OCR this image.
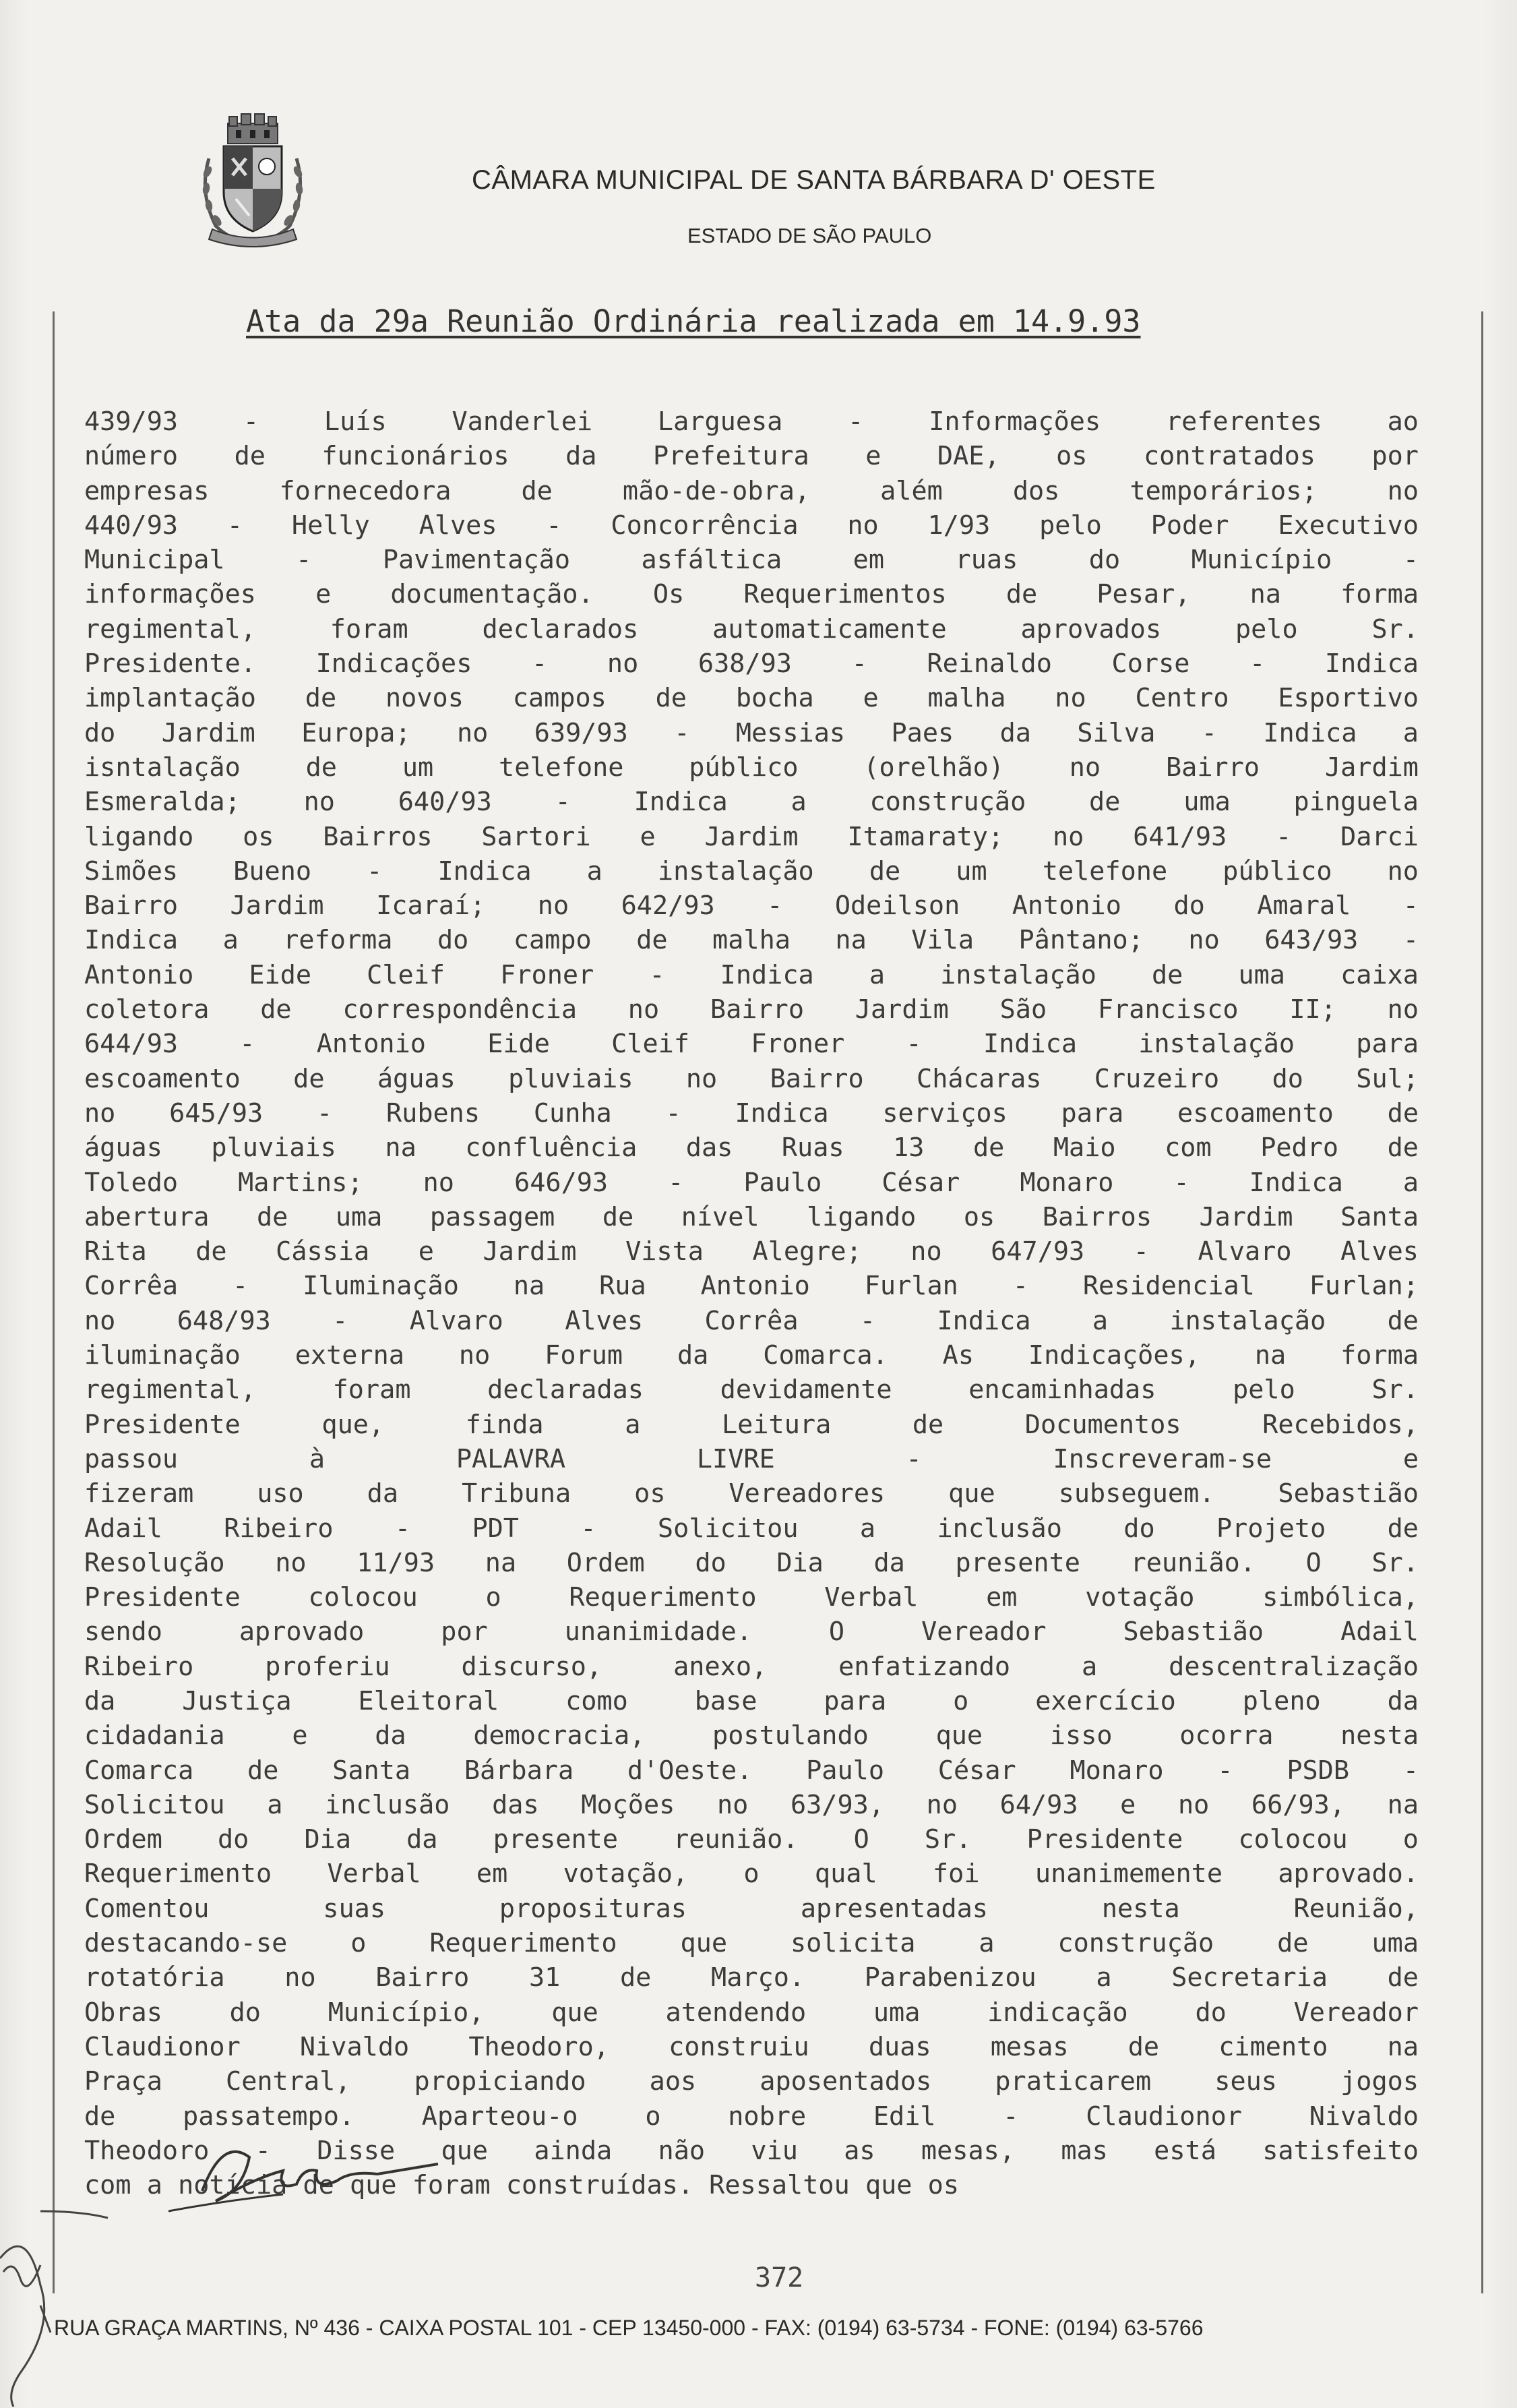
CÂMARA MUNICIPAL DE SANTA BÁRBARA D' OESTE
ESTADO DE SÃO PAULO
Ata da 29a Reunião Ordinária realizada em 14.9.93
439/93 - Luís Vanderlei Larguesa - Informações referentes ao
número de funcionários da Prefeitura e DAE, os contratados por
empresas fornecedora de mão-de-obra, além dos temporários; no
440/93 - Helly Alves - Concorrência no 1/93 pelo Poder Executivo
Municipal - Pavimentação asfáltica em ruas do Município -
informações e documentação. Os Requerimentos de Pesar, na forma
regimental, foram declarados automaticamente aprovados pelo Sr.
Presidente. Indicações - no 638/93 - Reinaldo Corse - Indica
implantação de novos campos de bocha e malha no Centro Esportivo
do Jardim Europa; no 639/93 - Messias Paes da Silva - Indica a
isntalação de um telefone público (orelhão) no Bairro Jardim
Esmeralda; no 640/93 - Indica a construção de uma pinguela
ligando os Bairros Sartori e Jardim Itamaraty; no 641/93 - Darci
Simões Bueno - Indica a instalação de um telefone público no
Bairro Jardim Icaraí; no 642/93 - Odeilson Antonio do Amaral -
Indica a reforma do campo de malha na Vila Pântano; no 643/93 -
Antonio Eide Cleif Froner - Indica a instalação de uma caixa
coletora de correspondência no Bairro Jardim São Francisco II; no
644/93 - Antonio Eide Cleif Froner - Indica instalação para
escoamento de águas pluviais no Bairro Chácaras Cruzeiro do Sul;
no 645/93 - Rubens Cunha - Indica serviços para escoamento de
águas pluviais na confluência das Ruas 13 de Maio com Pedro de
Toledo Martins; no 646/93 - Paulo César Monaro - Indica a
abertura de uma passagem de nível ligando os Bairros Jardim Santa
Rita de Cássia e Jardim Vista Alegre; no 647/93 - Alvaro Alves
Corrêa - Iluminação na Rua Antonio Furlan - Residencial Furlan;
no 648/93 - Alvaro Alves Corrêa - Indica a instalação de
iluminação externa no Forum da Comarca. As Indicações, na forma
regimental, foram declaradas devidamente encaminhadas pelo Sr.
Presidente que, finda a Leitura de Documentos Recebidos,
passou à PALAVRA LIVRE - Inscreveram-se e
fizeram uso da Tribuna os Vereadores que subseguem. Sebastião
Adail Ribeiro - PDT - Solicitou a inclusão do Projeto de
Resolução no 11/93 na Ordem do Dia da presente reunião. O Sr.
Presidente colocou o Requerimento Verbal em votação simbólica,
sendo aprovado por unanimidade. O Vereador Sebastião Adail
Ribeiro proferiu discurso, anexo, enfatizando a descentralização
da Justiça Eleitoral como base para o exercício pleno da
cidadania e da democracia, postulando que isso ocorra nesta
Comarca de Santa Bárbara d'Oeste. Paulo César Monaro - PSDB -
Solicitou a inclusão das Moções no 63/93, no 64/93 e no 66/93, na
Ordem do Dia da presente reunião. O Sr. Presidente colocou o
Requerimento Verbal em votação, o qual foi unanimemente aprovado.
Comentou suas proposituras apresentadas nesta Reunião,
destacando-se o Requerimento que solicita a construção de uma
rotatória no Bairro 31 de Março. Parabenizou a Secretaria de
Obras do Município, que atendendo uma indicação do Vereador
Claudionor Nivaldo Theodoro, construiu duas mesas de cimento na
Praça Central, propiciando aos aposentados praticarem seus jogos
de passatempo. Aparteou-o o nobre Edil - Claudionor Nivaldo
Theodoro - Disse que ainda não viu as mesas, mas está satisfeito
com a notícia de que foram construídas. Ressaltou que os
372
RUA GRAÇA MARTINS, Nº 436 - CAIXA POSTAL 101 - CEP 13450-000 - FAX: (0194) 63-5734 - FONE: (0194) 63-5766
